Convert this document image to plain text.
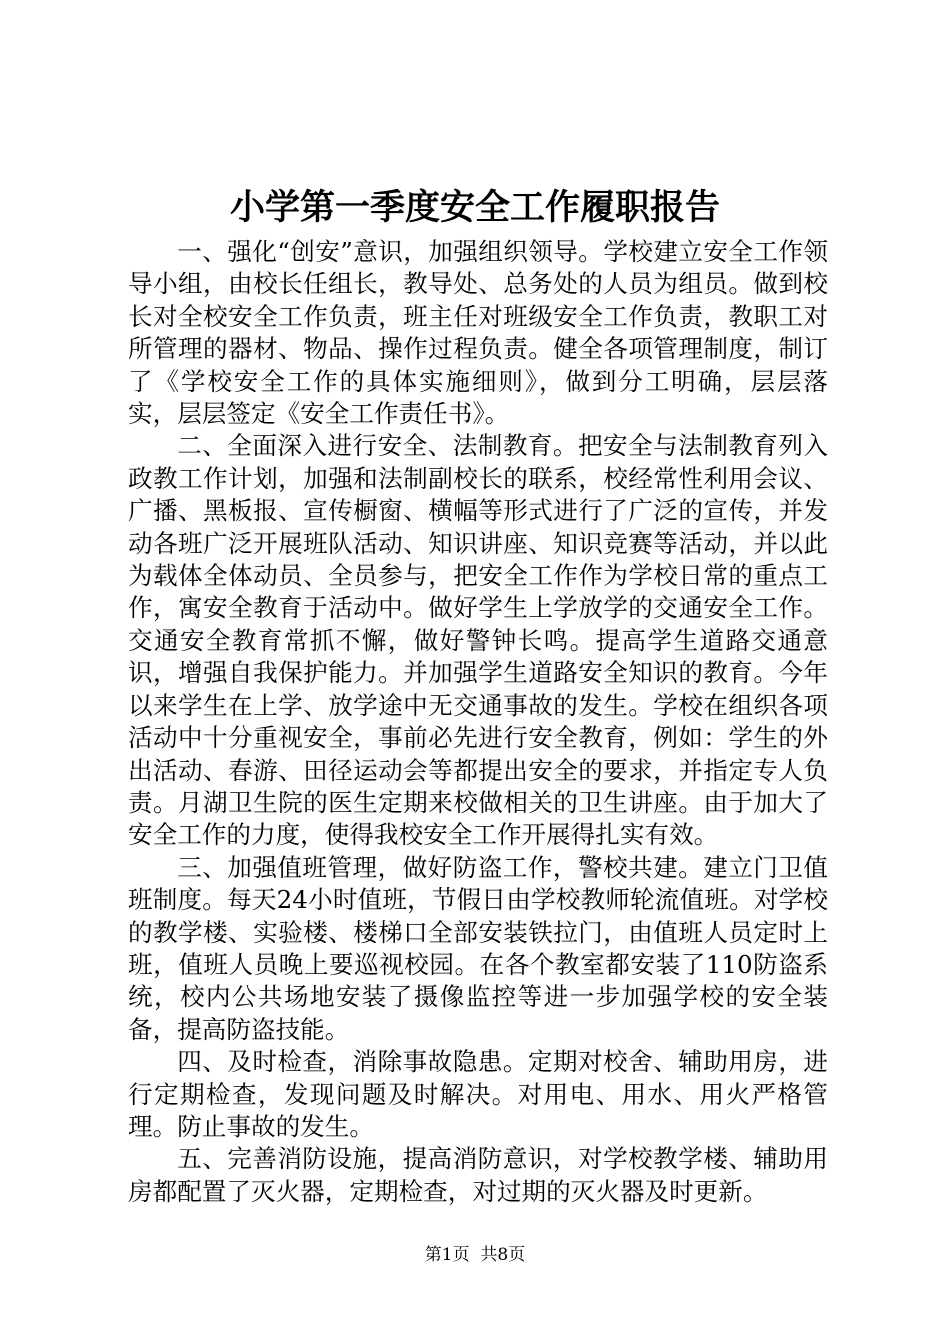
小学第一季度安全工作履职报告

一、强化“创安”意识，加强组织领导。学校建立安全工作领导小组，由校长任组长，教导处、总务处的人员为组员。做到校长对全校安全工作负责，班主任对班级安全工作负责，教职工对所管理的器材、物品、操作过程负责。健全各项管理制度，制订了《学校安全工作的具体实施细则》，做到分工明确，层层落实，层层签定《安全工作责任书》。

二、全面深入进行安全、法制教育。把安全与法制教育列入政教工作计划，加强和法制副校长的联系，校经常性利用会议、广播、黑板报、宣传橱窗、横幅等形式进行了广泛的宣传，并发动各班广泛开展班队活动、知识讲座、知识竞赛等活动，并以此为载体全体动员、全员参与，把安全工作作为学校日常的重点工作，寓安全教育于活动中。做好学生上学放学的交通安全工作。交通安全教育常抓不懈，做好警钟长鸣。提高学生道路交通意识，增强自我保护能力。并加强学生道路安全知识的教育。今年以来学生在上学、放学途中无交通事故的发生。学校在组织各项活动中十分重视安全，事前必先进行安全教育，例如：学生的外出活动、春游、田径运动会等都提出安全的要求，并指定专人负责。月湖卫生院的医生定期来校做相关的卫生讲座。由于加大了安全工作的力度，使得我校安全工作开展得扎实有效。

三、加强值班管理，做好防盗工作，警校共建。建立门卫值班制度。每天24小时值班，节假日由学校教师轮流值班。对学校的教学楼、实验楼、楼梯口全部安装铁拉门，由值班人员定时上班，值班人员晚上要巡视校园。在各个教室都安装了110防盗系统，校内公共场地安装了摄像监控等进一步加强学校的安全装备，提高防盗技能。

四、及时检查，消除事故隐患。定期对校舍、辅助用房，进行定期检查，发现问题及时解决。对用电、用水、用火严格管理。防止事故的发生。

五、完善消防设施，提高消防意识，对学校教学楼、辅助用房都配置了灭火器，定期检查，对过期的灭火器及时更新。

第1页 共8页
